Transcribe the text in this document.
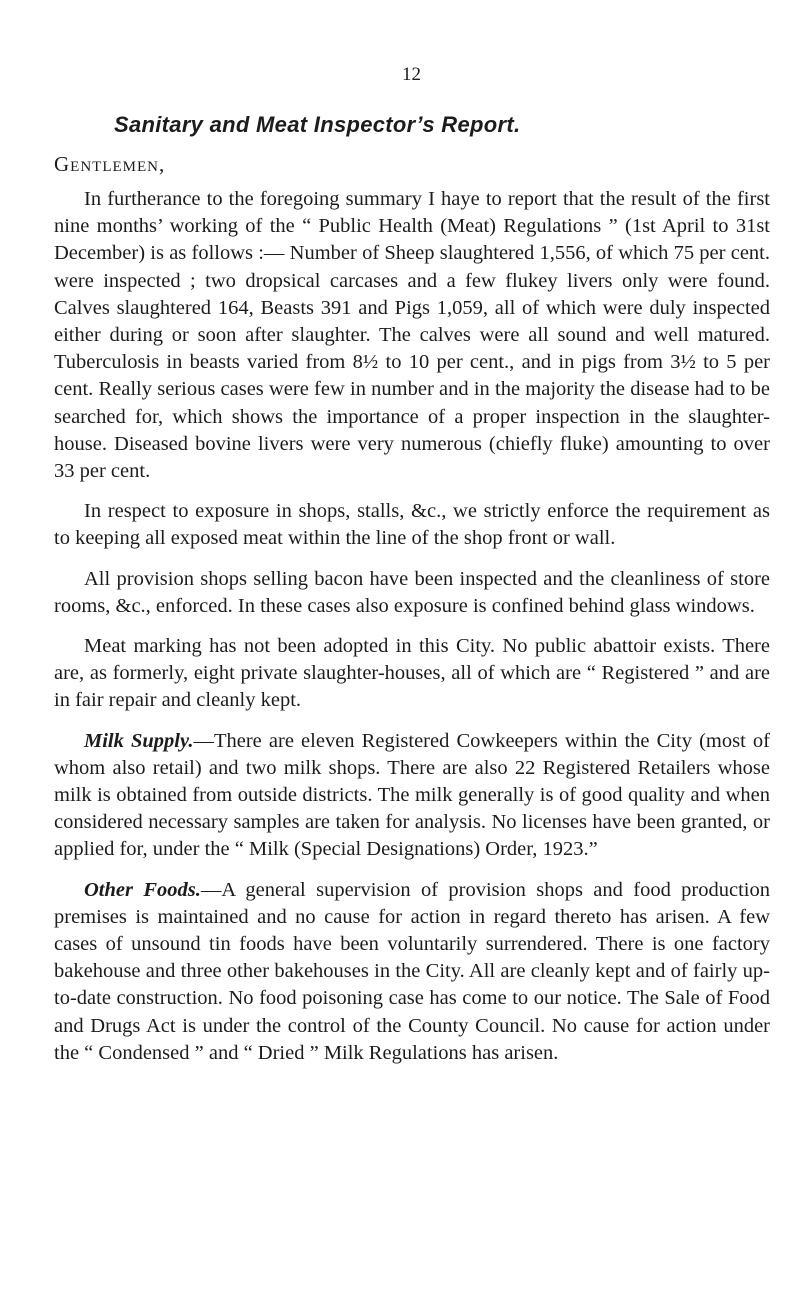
12
Sanitary and Meat Inspector’s Report.
Gentlemen,

In furtherance to the foregoing summary I haye to report that the result of the first nine months’ working of the “ Public Health (Meat) Regulations ” (1st April to 31st December) is as follows :— Number of Sheep slaughtered 1,556, of which 75 per cent. were inspected ; two dropsical carcases and a few flukey livers only were found. Calves slaughtered 164, Beasts 391 and Pigs 1,059, all of which were duly inspected either during or soon after slaughter. The calves were all sound and well matured. Tuberculosis in beasts varied from 8½ to 10 per cent., and in pigs from 3½ to 5 per cent. Really serious cases were few in number and in the majority the disease had to be searched for, which shows the importance of a proper inspection in the slaughter-house. Diseased bovine livers were very numerous (chiefly fluke) amounting to over 33 per cent.

In respect to exposure in shops, stalls, &c., we strictly enforce the requirement as to keeping all exposed meat within the line of the shop front or wall.

All provision shops selling bacon have been inspected and the cleanliness of store rooms, &c., enforced. In these cases also exposure is confined behind glass windows.

Meat marking has not been adopted in this City. No public abattoir exists. There are, as formerly, eight private slaughter-houses, all of which are “ Registered ” and are in fair repair and cleanly kept.

Milk Supply.—There are eleven Registered Cowkeepers within the City (most of whom also retail) and two milk shops. There are also 22 Registered Retailers whose milk is obtained from outside districts. The milk generally is of good quality and when considered necessary samples are taken for analysis. No licenses have been granted, or applied for, under the “ Milk (Special Designations) Order, 1923.”

Other Foods.—A general supervision of provision shops and food production premises is maintained and no cause for action in regard thereto has arisen. A few cases of unsound tin foods have been voluntarily surrendered. There is one factory bakehouse and three other bakehouses in the City. All are cleanly kept and of fairly up-to-date construction. No food poisoning case has come to our notice. The Sale of Food and Drugs Act is under the control of the County Council. No cause for action under the “ Condensed ” and “ Dried ” Milk Regulations has arisen.
